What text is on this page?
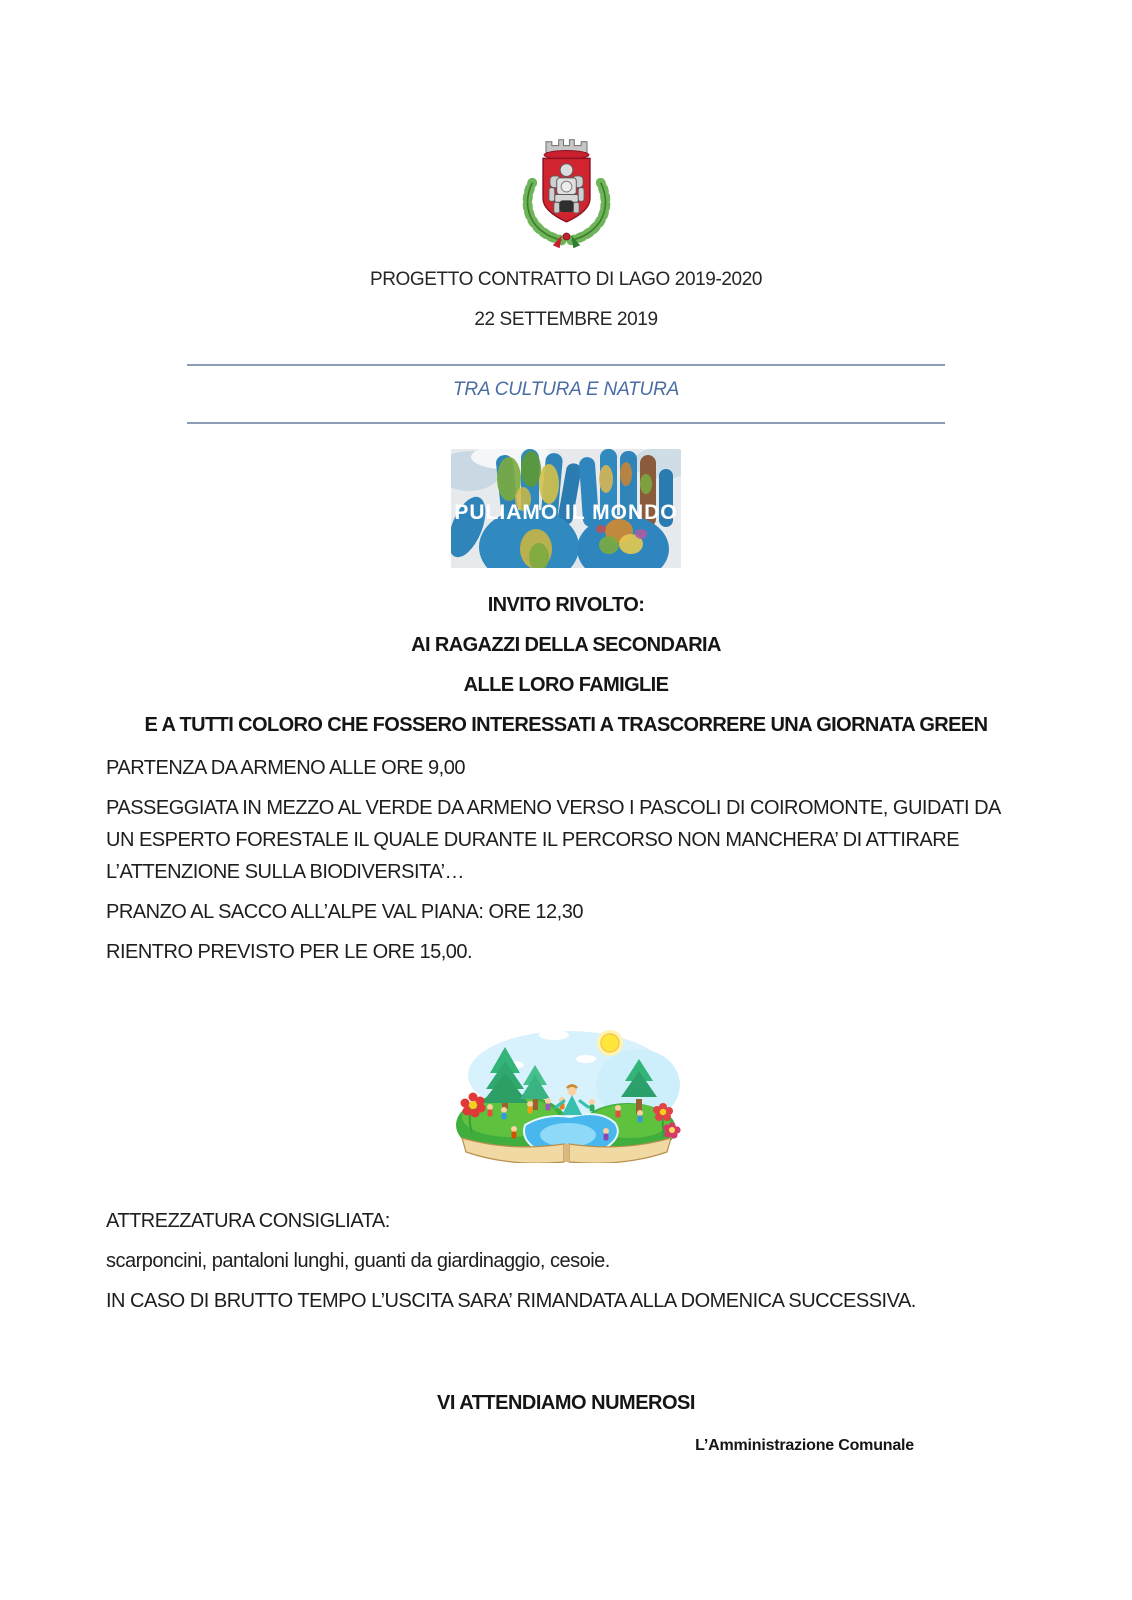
PROGETTO CONTRATTO DI LAGO 2019-2020

22 SETTEMBRE 2019

TRA CULTURA E NATURA

PULIAMO IL MONDO

INVITO RIVOLTO:

AI RAGAZZI DELLA SECONDARIA

ALLE LORO FAMIGLIE

E A TUTTI COLORO CHE FOSSERO INTERESSATI A TRASCORRERE UNA GIORNATA GREEN

PARTENZA DA ARMENO ALLE ORE 9,00

PASSEGGIATA IN MEZZO AL VERDE DA ARMENO VERSO I PASCOLI DI COIROMONTE, GUIDATI DA UN ESPERTO FORESTALE IL QUALE DURANTE IL PERCORSO NON MANCHERA’ DI ATTIRARE L’ATTENZIONE SULLA BIODIVERSITA’…

PRANZO AL SACCO ALL’ALPE VAL PIANA: ORE 12,30

RIENTRO PREVISTO PER LE ORE 15,00.

ATTREZZATURA CONSIGLIATA:

scarponcini, pantaloni lunghi, guanti da giardinaggio, cesoie.

IN CASO DI BRUTTO TEMPO L’USCITA SARA’ RIMANDATA ALLA DOMENICA SUCCESSIVA.

VI ATTENDIAMO NUMEROSI

L’Amministrazione Comunale
